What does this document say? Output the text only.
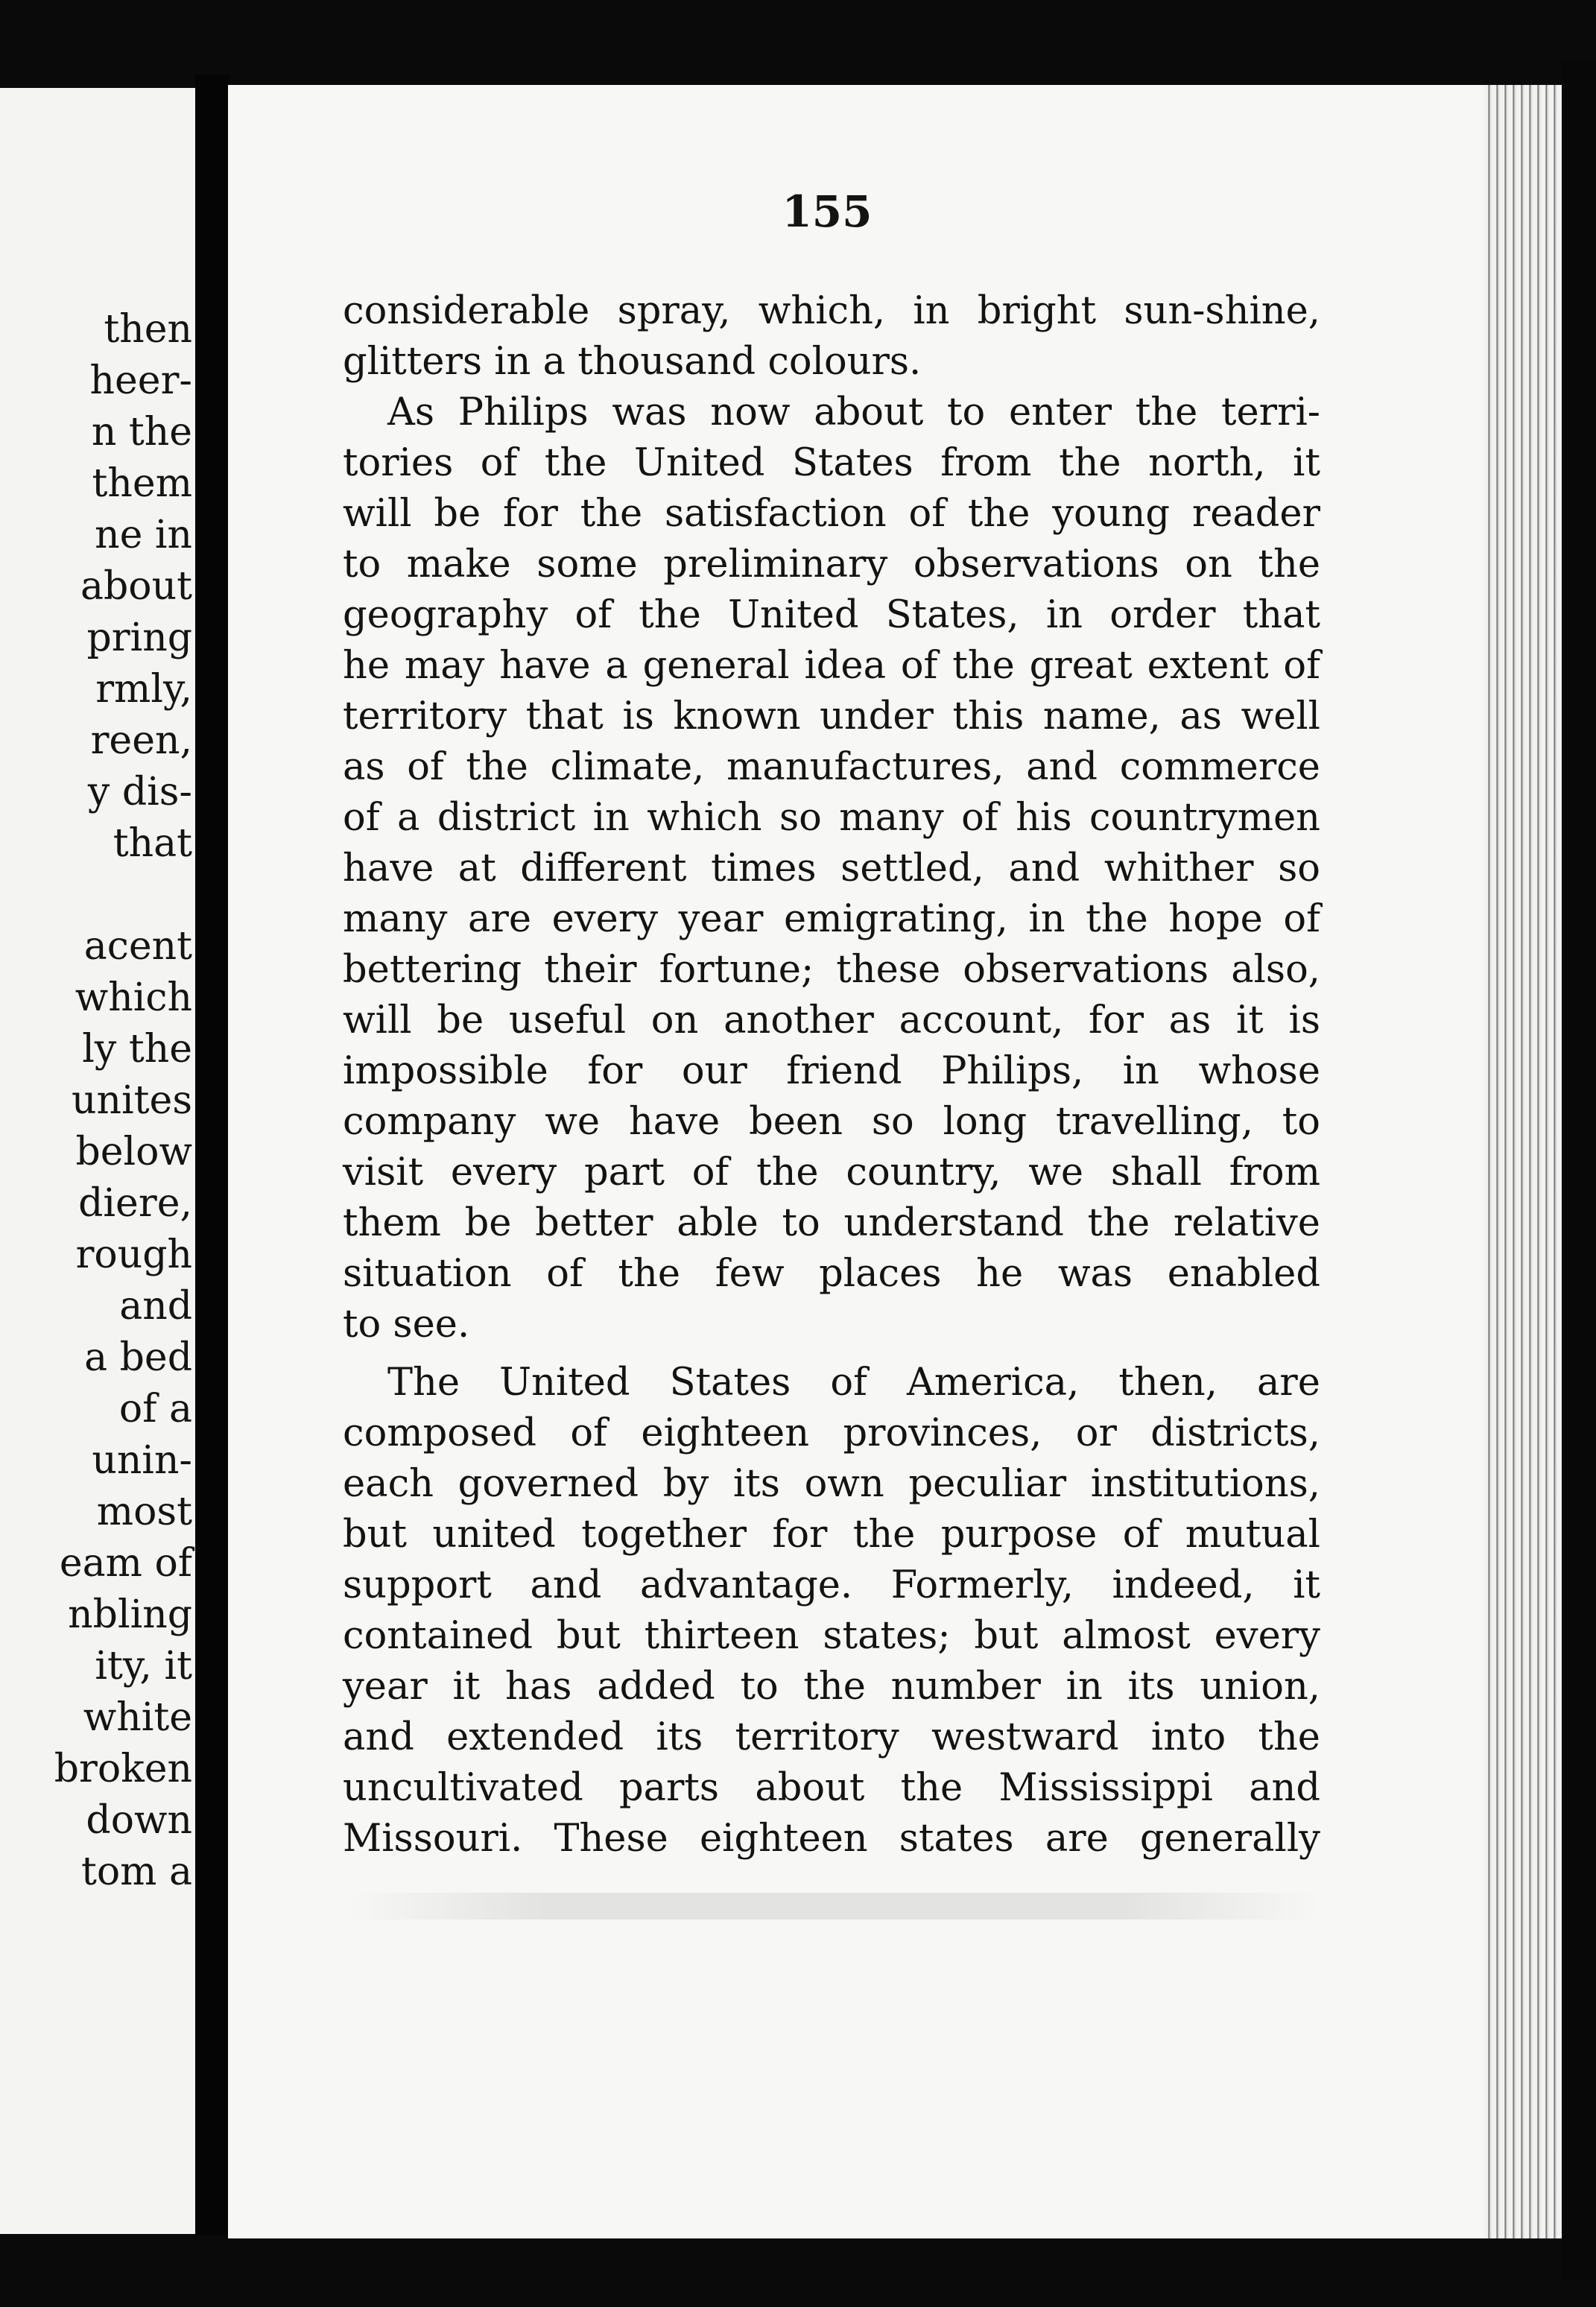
then
heer-
n the
them
ne in
about
pring
rmly,
reen,
y dis-
that
acent
which
ly the
unites
below
diere,
rough
and
a bed
of a
unin-
most
eam of
nbling
ity, it
white
broken
down
tom a
155
considerable spray, which, in bright sun-shine,
glitters in a thousand colours.
As Philips was now about to enter the terri-
tories of the United States from the north, it
will be for the satisfaction of the young reader
to make some preliminary observations on the
geography of the United States, in order that
he may have a general idea of the great extent of
territory that is known under this name, as well
as of the climate, manufactures, and commerce
of a district in which so many of his countrymen
have at different times settled, and whither so
many are every year emigrating, in the hope of
bettering their fortune; these observations also,
will be useful on another account, for as it is
impossible for our friend Philips, in whose
company we have been so long travelling, to
visit every part of the country, we shall from
them be better able to understand the relative
situation of the few places he was enabled
to see.
The United States of America, then, are
composed of eighteen provinces, or districts,
each governed by its own peculiar institutions,
but united together for the purpose of mutual
support and advantage. Formerly, indeed, it
contained but thirteen states; but almost every
year it has added to the number in its union,
and extended its territory westward into the
uncultivated parts about the Mississippi and
Missouri. These eighteen states are generally
